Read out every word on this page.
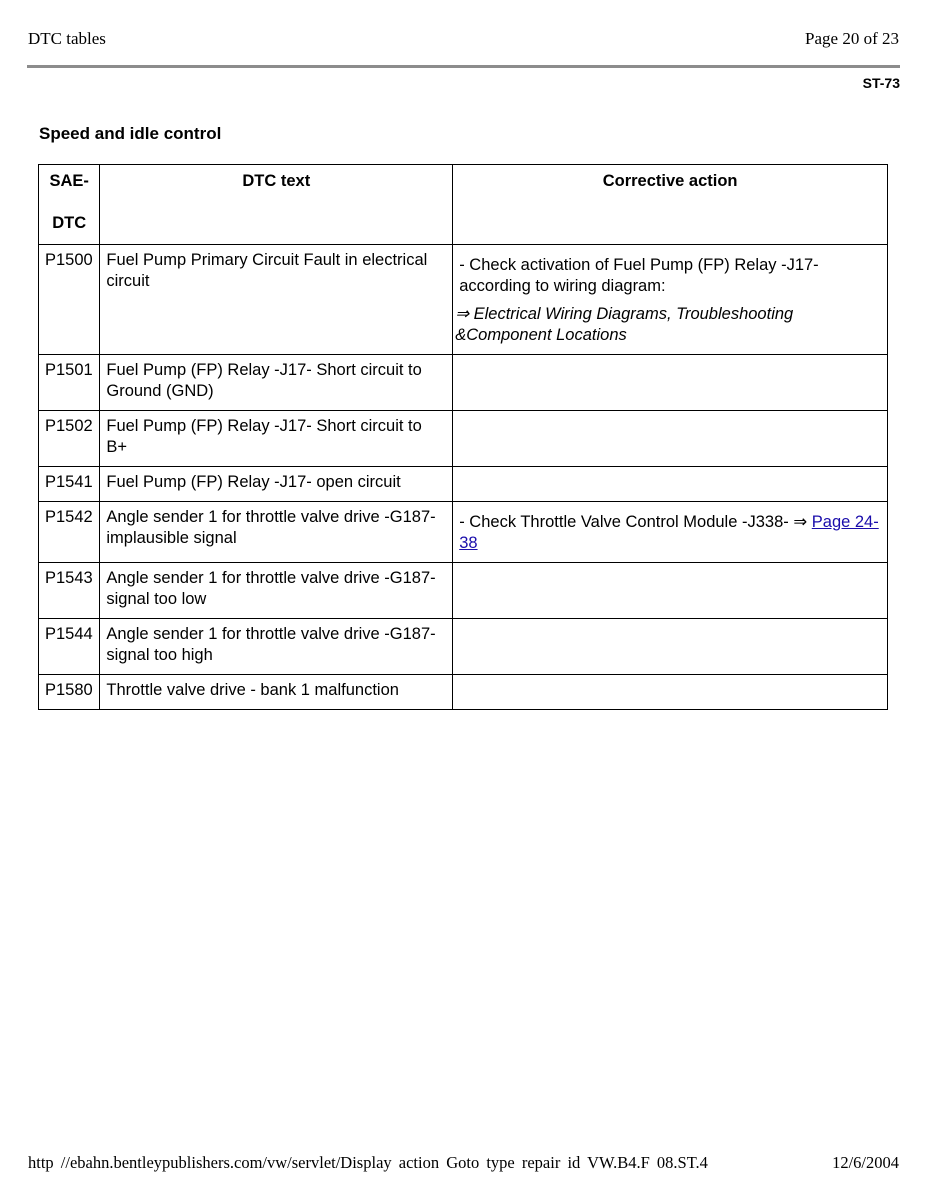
DTC tables	Page 20 of 23
ST-73
Speed and idle control
SAE-
DTC	DTC text	Corrective action
P1500	Fuel Pump Primary Circuit Fault in electrical circuit	- Check activation of Fuel Pump (FP) Relay -J17- according to wiring diagram:

⇒ Electrical Wiring Diagrams, Troubleshooting &Component Locations

P1501	Fuel Pump (FP) Relay -J17- Short circuit to Ground (GND)	
P1502	Fuel Pump (FP) Relay -J17- Short circuit to B+	
P1541	Fuel Pump (FP) Relay -J17- open circuit	
P1542	Angle sender 1 for throttle valve drive -G187- implausible signal	- Check Throttle Valve Control Module -J338- ⇒ Page 24-38
P1543	Angle sender 1 for throttle valve drive -G187- signal too low	
P1544	Angle sender 1 for throttle valve drive -G187- signal too high	
P1580	Throttle valve drive - bank 1 malfunction	
http //ebahn.bentleypublishers.com/vw/servlet/Display action Goto type repair id VW.B4.F 08.ST.4	12/6/2004
